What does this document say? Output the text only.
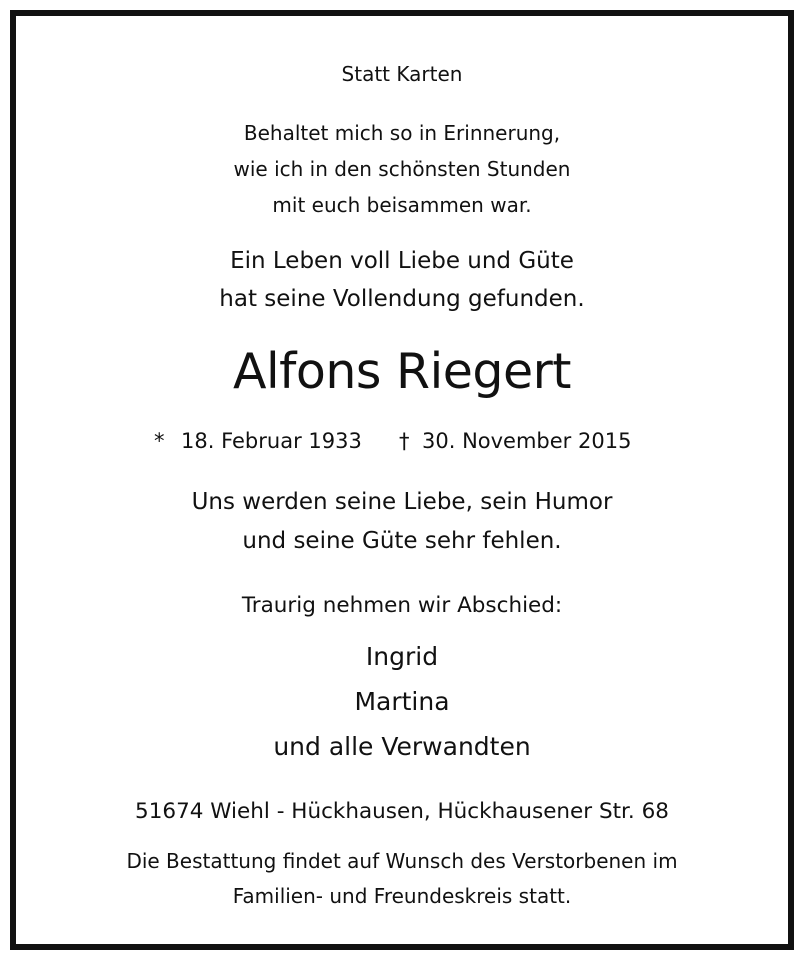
Statt Karten
Behaltet mich so in Erinnerung,
wie ich in den schönsten Stunden
mit euch beisammen war.
Ein Leben voll Liebe und Güte
hat seine Vollendung gefunden.
Alfons Riegert
* 18. Februar 1933 † 30. November 2015
Uns werden seine Liebe, sein Humor
und seine Güte sehr fehlen.
Traurig nehmen wir Abschied:
Ingrid
Martina
und alle Verwandten
51674 Wiehl - Hückhausen, Hückhausener Str. 68
Die Bestattung findet auf Wunsch des Verstorbenen im
Familien- und Freundeskreis statt.
